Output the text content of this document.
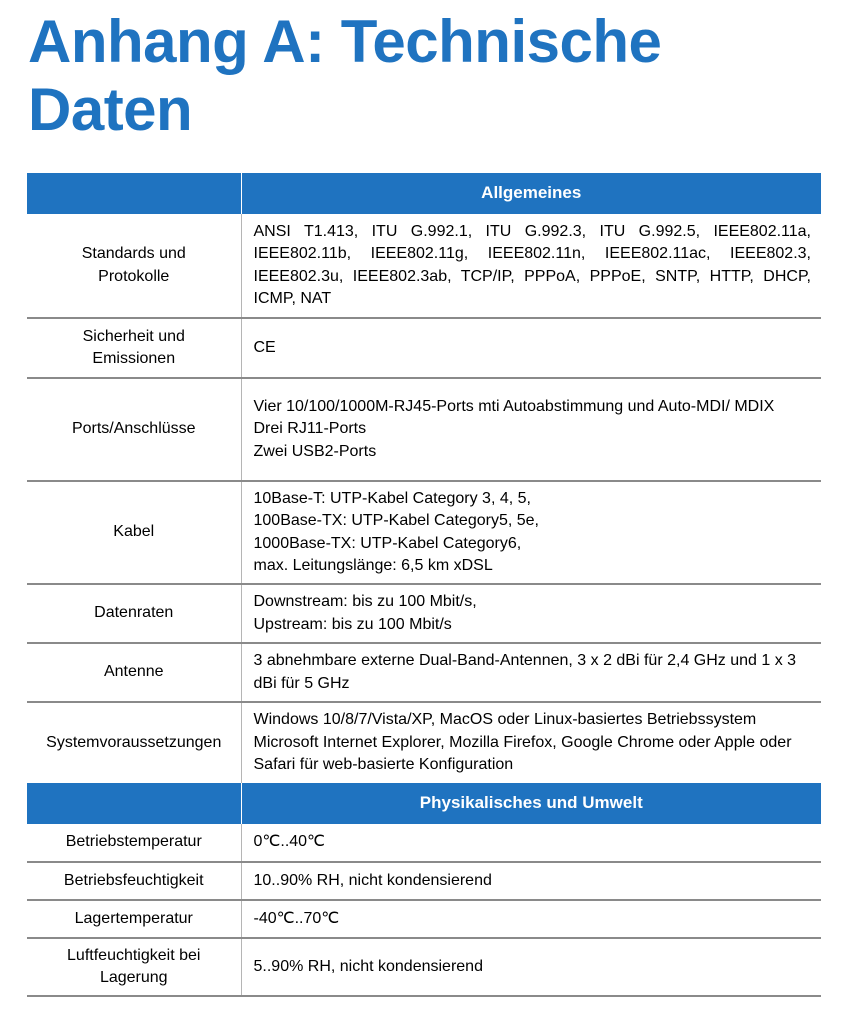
Anhang A: Technische
Daten
	Allgemeines

Standards und
Protokolle	ANSI T1.413, ITU G.992.1, ITU G.992.3, ITU G.992.5, IEEE802.11a, IEEE802.11b, IEEE802.11g, IEEE802.11n, IEEE802.11ac, IEEE802.3, IEEE802.3u, IEEE802.3ab, TCP/IP, PPPoA, PPPoE, SNTP, HTTP, DHCP, ICMP, NAT

Sicherheit und
Emissionen	CE

Ports/Anschlüsse	Vier 10/100/1000M-RJ45-Ports mti Autoabstimmung und Auto-MDI/ MDIX
Drei RJ11-Ports
Zwei USB2-Ports

Kabel	10Base-T: UTP-Kabel Category 3, 4, 5,
100Base-TX: UTP-Kabel Category5, 5e,
1000Base-TX: UTP-Kabel Category6,
max. Leitungslänge: 6,5 km xDSL

Datenraten	Downstream: bis zu 100 Mbit/s,
Upstream: bis zu 100 Mbit/s

Antenne	3 abnehmbare externe Dual-Band-Antennen, 3 x 2 dBi für 2,4 GHz und 1 x 3 dBi für 5 GHz

Systemvoraussetzungen	Windows 10/8/7/Vista/XP, MacOS oder Linux-basiertes Betriebssystem
Microsoft Internet Explorer, Mozilla Firefox, Google Chrome oder Apple oder Safari für web-basierte Konfiguration

	Physikalisches und Umwelt

Betriebstemperatur	0℃..40℃

Betriebsfeuchtigkeit	10..90% RH, nicht kondensierend

Lagertemperatur	-40℃..70℃

Luftfeuchtigkeit bei
Lagerung	5..90% RH, nicht kondensierend
